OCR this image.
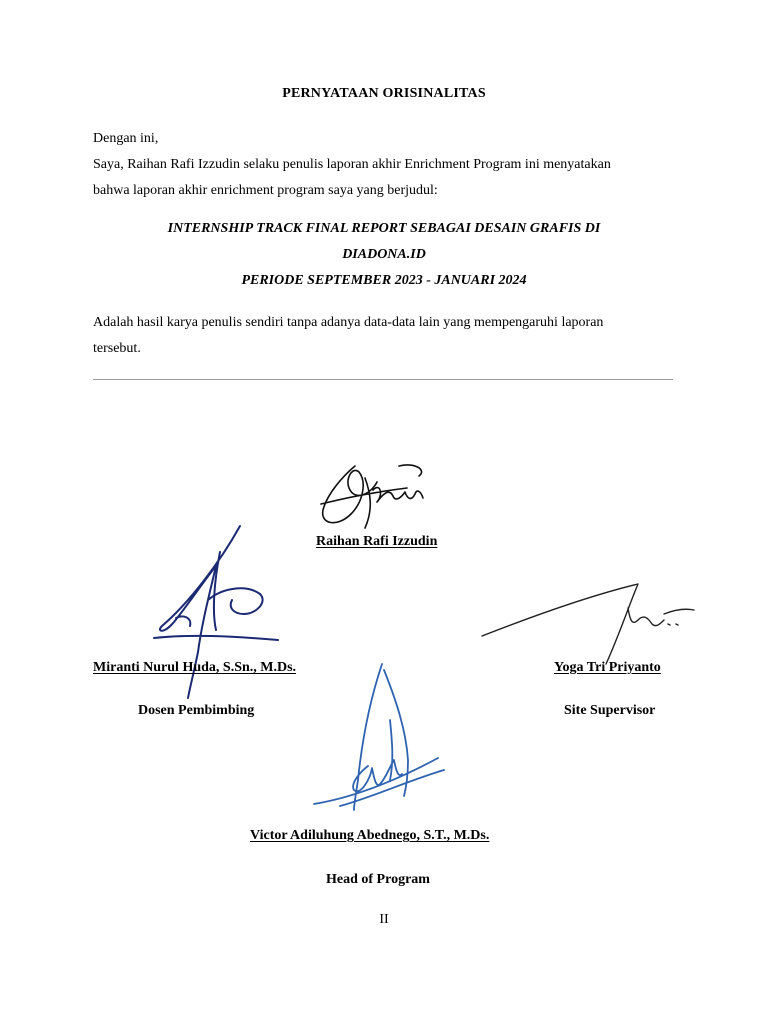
PERNYATAAN ORISINALITAS
Dengan ini,
Saya, Raihan Rafi Izzudin selaku penulis laporan akhir Enrichment Program ini menyatakan
bahwa laporan akhir enrichment program saya yang berjudul:
INTERNSHIP TRACK FINAL REPORT SEBAGAI DESAIN GRAFIS DI
DIADONA.ID
PERIODE SEPTEMBER 2023 - JANUARI 2024
Adalah hasil karya penulis sendiri tanpa adanya data-data lain yang mempengaruhi laporan
tersebut.
Raihan Rafi Izzudin
Miranti Nurul Huda, S.Sn., M.Ds.
Dosen Pembimbing
Yoga Tri Priyanto
Site Supervisor
Victor Adiluhung Abednego, S.T., M.Ds.
Head of Program
II
